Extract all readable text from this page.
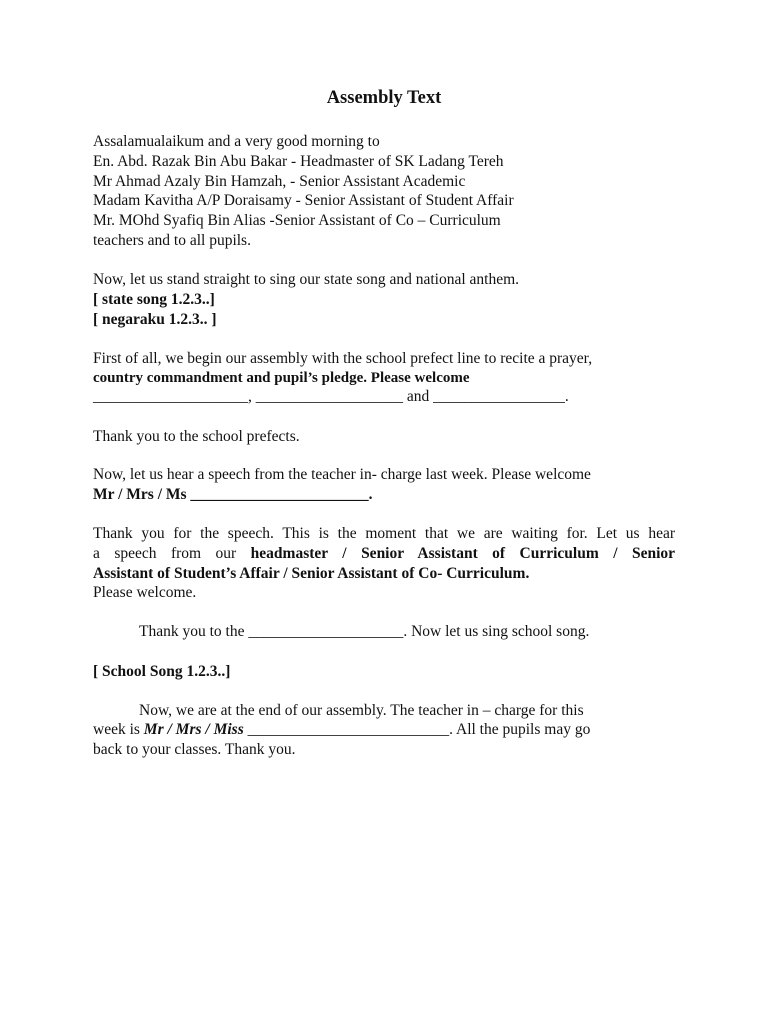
Assembly Text
Assalamualaikum and a very good morning to
En. Abd. Razak Bin Abu Bakar - Headmaster of SK Ladang Tereh
Mr Ahmad Azaly Bin Hamzah, - Senior Assistant Academic
Madam Kavitha A/P Doraisamy - Senior Assistant of Student Affair
Mr. MOhd Syafiq Bin Alias -Senior Assistant of Co – Curriculum
teachers and to all pupils.
Now, let us stand straight to sing our state song and national anthem.
[ state song 1.2.3..]
[ negaraku 1.2.3.. ]
First of all, we begin our assembly with the school prefect line to recite a prayer,
country commandment and pupil’s pledge. Please welcome
____________________, ___________________ and _________________.
Thank you to the school prefects.
Now, let us hear a speech from the teacher in- charge last week. Please welcome
Mr / Mrs / Ms _______________________.
Thank you for the speech. This is the moment that we are waiting for. Let us hear
a speech from our headmaster / Senior Assistant of Curriculum / Senior
Assistant of Student’s Affair / Senior Assistant of Co- Curriculum.
Please welcome.
Thank you to the ____________________. Now let us sing school song.
[ School Song 1.2.3..]
Now, we are at the end of our assembly. The teacher in – charge for this
week is Mr / Mrs / Miss __________________________. All the pupils may go
back to your classes. Thank you.
